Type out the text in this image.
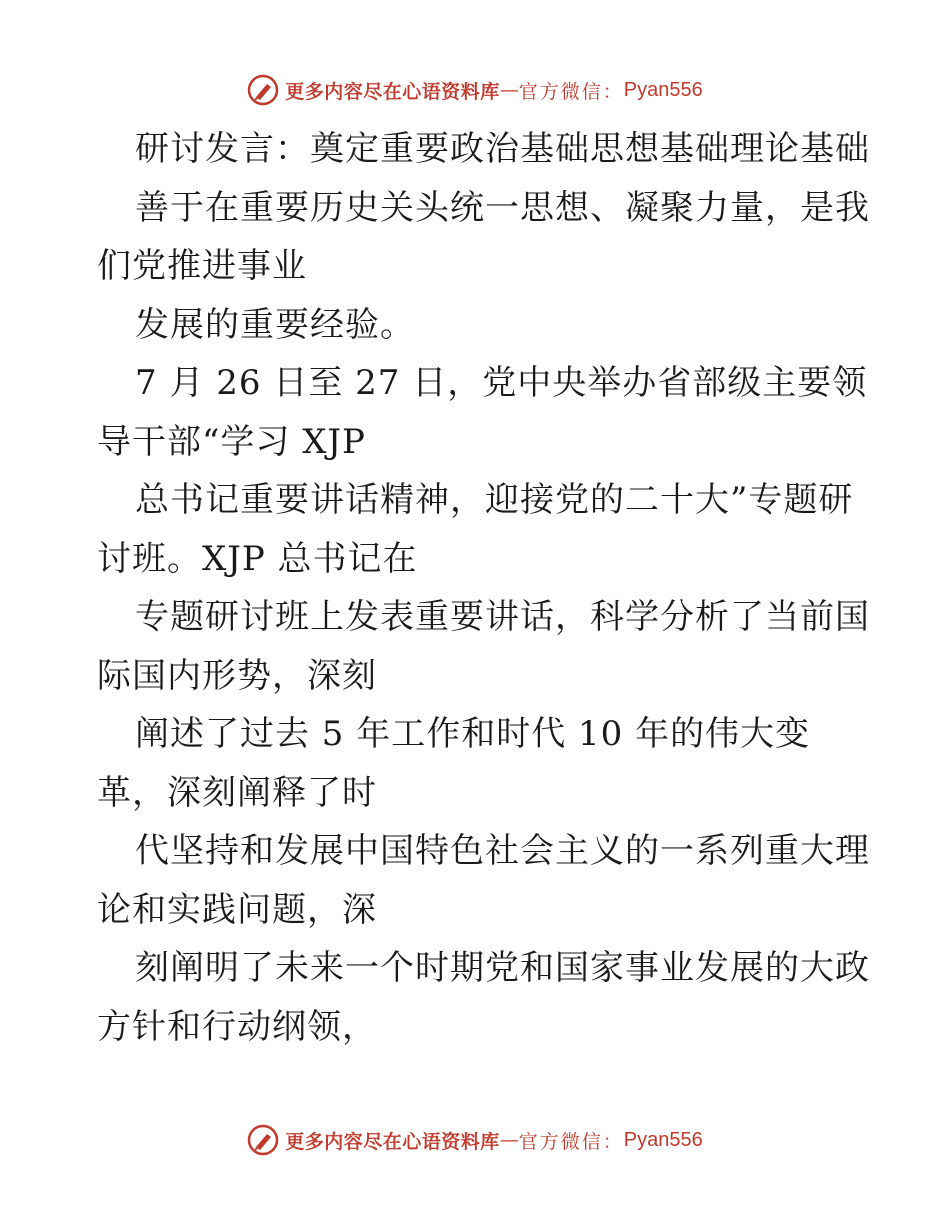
更多内容尽在心语资料库 — 官方微信： Pyan556
研讨发言：奠定重要政治基础思想基础理论基础
善于在重要历史关头统一思想、凝聚力量，是我
们党推进事业
发展的重要经验。
7 月 26 日至 27 日，党中央举办省部级主要领
导干部“学习 XJP
总书记重要讲话精神，迎接党的二十大”专题研
讨班。XJP 总书记在
专题研讨班上发表重要讲话，科学分析了当前国
际国内形势，深刻
阐述了过去 5 年工作和时代 10 年的伟大变
革，深刻阐释了时
代坚持和发展中国特色社会主义的一系列重大理
论和实践问题，深
刻阐明了未来一个时期党和国家事业发展的大政
方针和行动纲领，
更多内容尽在心语资料库 — 官方微信： Pyan556
